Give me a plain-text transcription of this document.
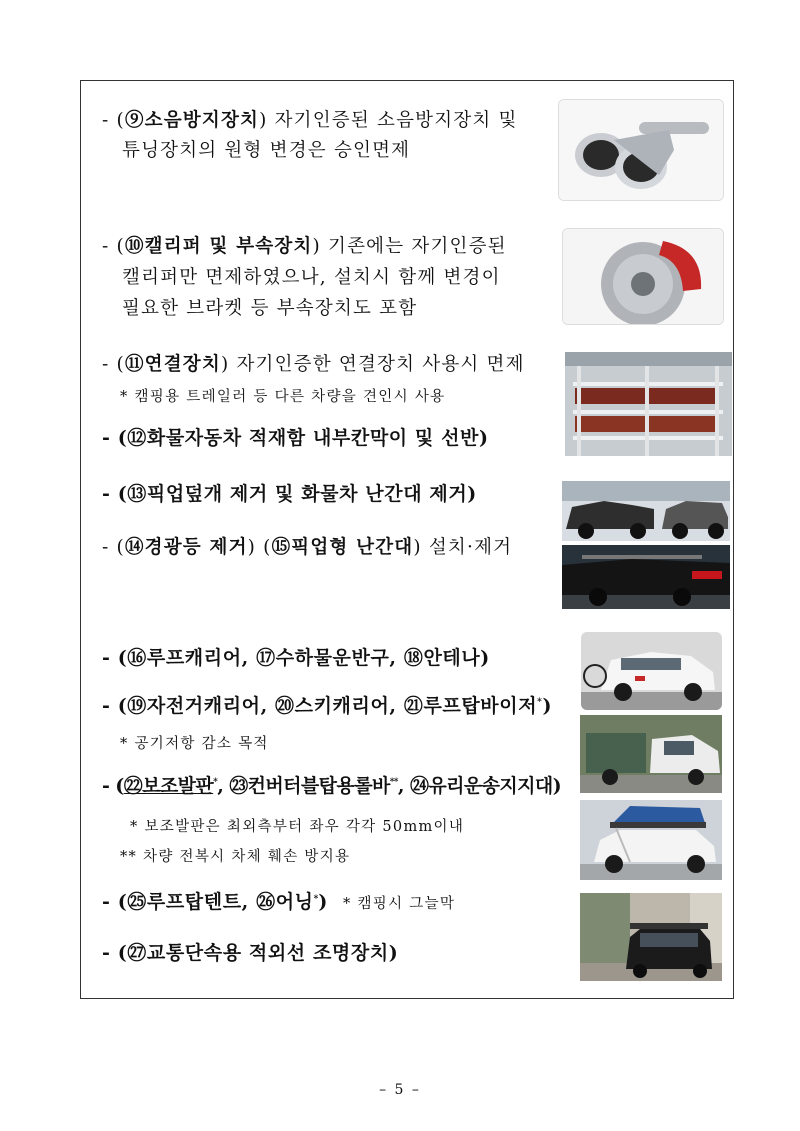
- (⑨소음방지장치) 자기인증된 소음방지장치 및
튜닝장치의 원형 변경은 승인면제
- (⑩캘리퍼 및 부속장치) 기존에는 자기인증된
캘리퍼만 면제하였으나, 설치시 함께 변경이
필요한 브라켓 등 부속장치도 포함
- (⑪연결장치) 자기인증한 연결장치 사용시 면제
* 캠핑용 트레일러 등 다른 차량을 견인시 사용
- (⑫화물자동차 적재함 내부칸막이 및 선반)
- (⑬픽업덮개 제거 및 화물차 난간대 제거)
- (⑭경광등 제거) (⑮픽업형 난간대) 설치·제거
- (⑯루프캐리어, ⑰수하물운반구, ⑱안테나)
- (⑲자전거캐리어, ⑳스키캐리어, ㉑루프탑바이저*)
* 공기저항 감소 목적
- (㉒보조발판*, ㉓컨버터블탑용롤바**, ㉔유리운송지지대)
* 보조발판은 최외측부터 좌우 각각 50mm이내
** 차량 전복시 차체 훼손 방지용
- (㉕루프탑텐트, ㉖어닝*) * 캠핑시 그늘막
- (㉗교통단속용 적외선 조명장치)
– 5 –
